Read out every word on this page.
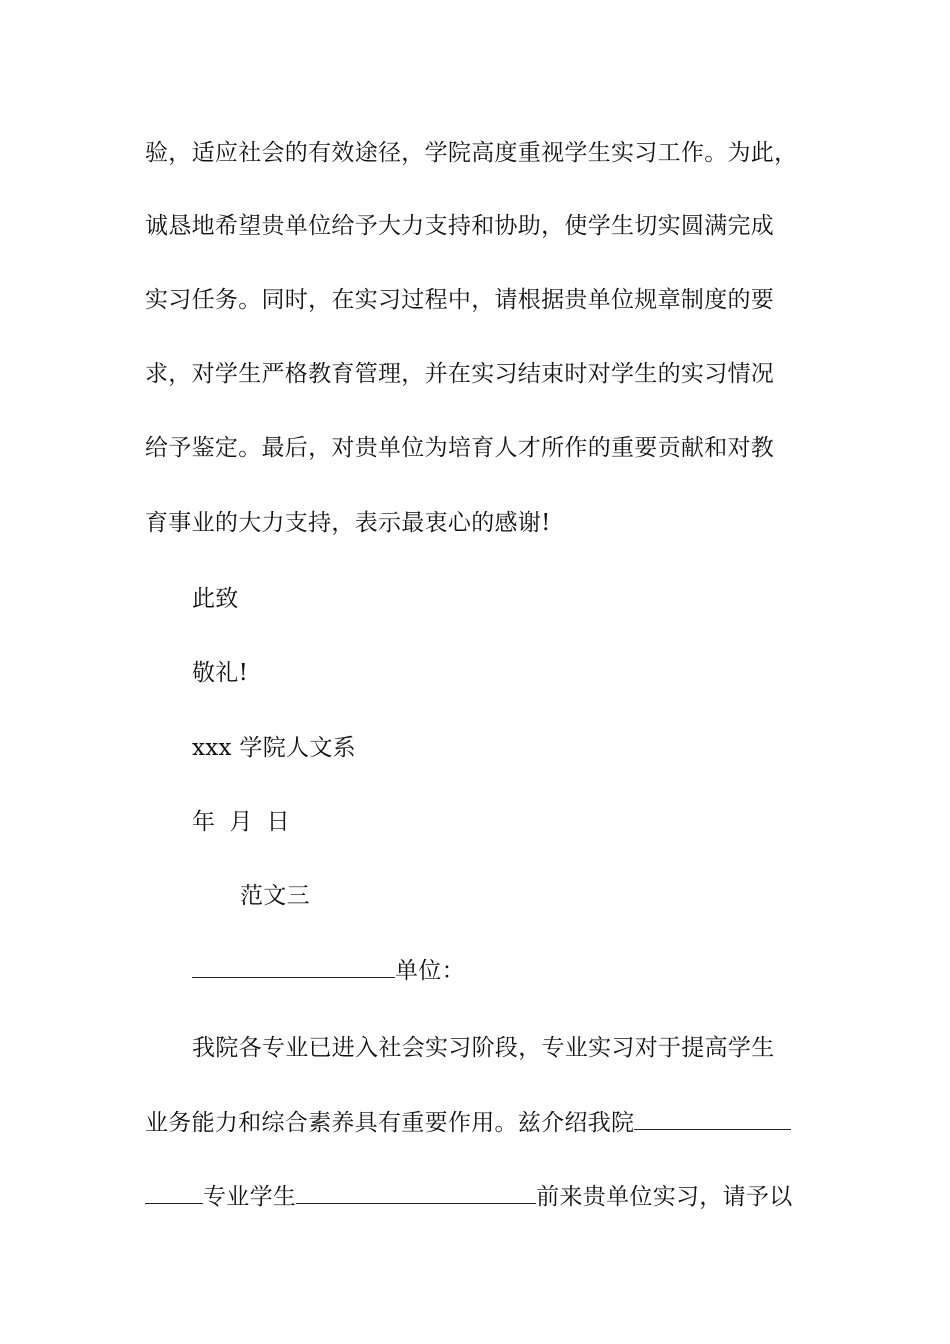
验，适应社会的有效途径，学院高度重视学生实习工作。为此，
诚恳地希望贵单位给予大力支持和协助，使学生切实圆满完成
实习任务。同时，在实习过程中，请根据贵单位规章制度的要
求，对学生严格教育管理，并在实习结束时对学生的实习情况
给予鉴定。最后，对贵单位为培育人才所作的重要贡献和对教
育事业的大力支持，表示最衷心的感谢!
此致
敬礼!
xxx 学院人文系
年 月 日
范文三
单位：
我院各专业已进入社会实习阶段，专业实习对于提高学生
业务能力和综合素养具有重要作用。兹介绍我院
专业学生	前来贵单位实习，请予以
